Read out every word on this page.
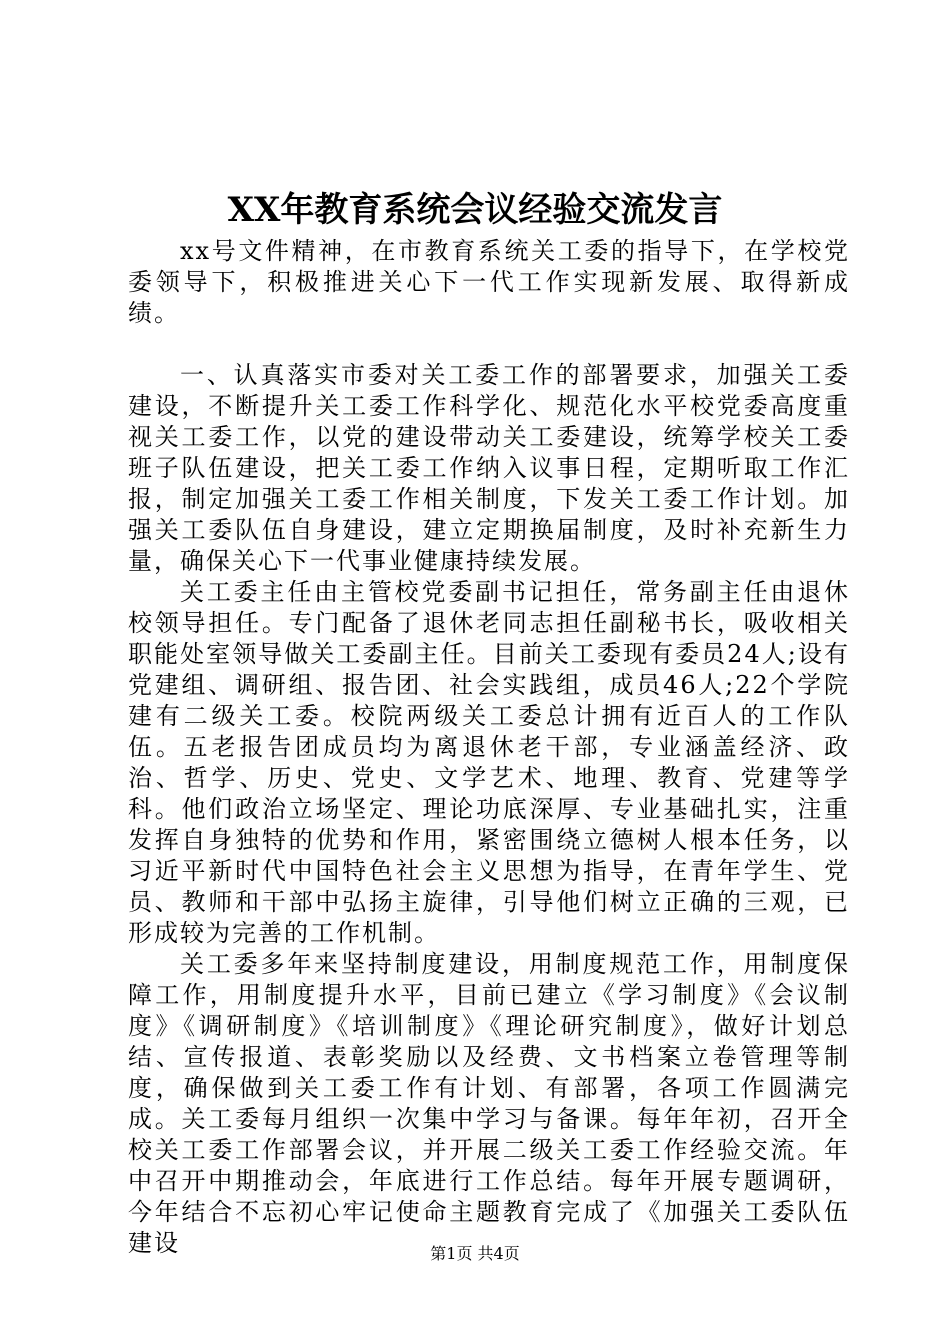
XX年教育系统会议经验交流发言

xx号文件精神，在市教育系统关工委的指导下，在学校党委领导下，积极推进关心下一代工作实现新发展、取得新成绩。

一、认真落实市委对关工委工作的部署要求，加强关工委建设，不断提升关工委工作科学化、规范化水平校党委高度重视关工委工作，以党的建设带动关工委建设，统筹学校关工委班子队伍建设，把关工委工作纳入议事日程，定期听取工作汇报，制定加强关工委工作相关制度，下发关工委工作计划。加强关工委队伍自身建设，建立定期换届制度，及时补充新生力量，确保关心下一代事业健康持续发展。

关工委主任由主管校党委副书记担任，常务副主任由退休校领导担任。专门配备了退休老同志担任副秘书长，吸收相关职能处室领导做关工委副主任。目前关工委现有委员24人;设有党建组、调研组、报告团、社会实践组，成员46人;22个学院建有二级关工委。校院两级关工委总计拥有近百人的工作队伍。五老报告团成员均为离退休老干部，专业涵盖经济、政治、哲学、历史、党史、文学艺术、地理、教育、党建等学科。他们政治立场坚定、理论功底深厚、专业基础扎实，注重发挥自身独特的优势和作用，紧密围绕立德树人根本任务，以习近平新时代中国特色社会主义思想为指导，在青年学生、党员、教师和干部中弘扬主旋律，引导他们树立正确的三观，已形成较为完善的工作机制。

关工委多年来坚持制度建设，用制度规范工作，用制度保障工作，用制度提升水平，目前已建立《学习制度》《会议制度》《调研制度》《培训制度》《理论研究制度》，做好计划总结、宣传报道、表彰奖励以及经费、文书档案立卷管理等制度，确保做到关工委工作有计划、有部署，各项工作圆满完成。关工委每月组织一次集中学习与备课。每年年初，召开全校关工委工作部署会议，并开展二级关工委工作经验交流。年中召开中期推动会，年底进行工作总结。每年开展专题调研，今年结合不忘初心牢记使命主题教育完成了《加强关工委队伍建设	第1页 共4页
